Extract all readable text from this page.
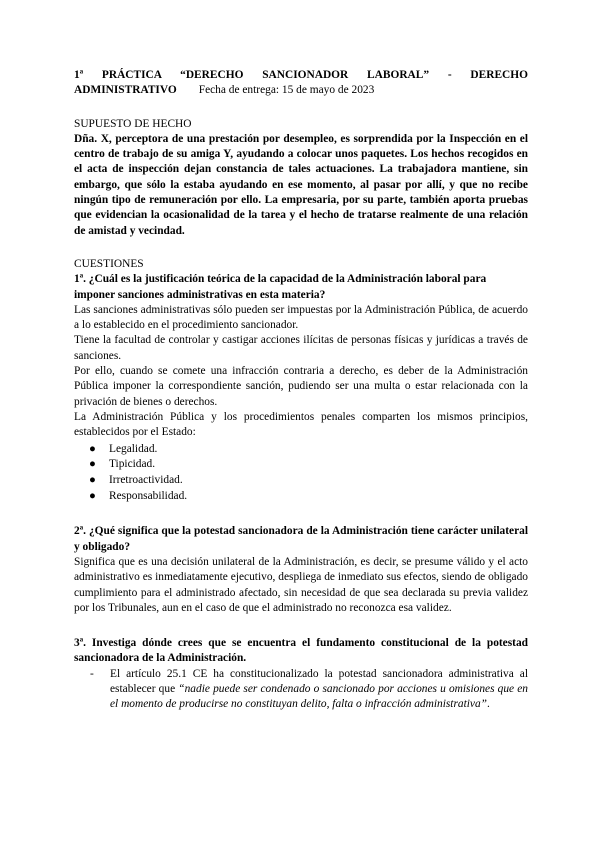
1ª PRÁCTICA “DERECHO SANCIONADOR LABORAL” - DERECHO ADMINISTRATIVO Fecha de entrega: 15 de mayo de 2023
SUPUESTO DE HECHO

Dña. X, perceptora de una prestación por desempleo, es sorprendida por la Inspección en el centro de trabajo de su amiga Y, ayudando a colocar unos paquetes. Los hechos recogidos en el acta de inspección dejan constancia de tales actuaciones. La trabajadora mantiene, sin embargo, que sólo la estaba ayudando en ese momento, al pasar por allí, y que no recibe ningún tipo de remuneración por ello. La empresaria, por su parte, también aporta pruebas que evidencian la ocasionalidad de la tarea y el hecho de tratarse realmente de una relación de amistad y vecindad.

CUESTIONES

1ª. ¿Cuál es la justificación teórica de la capacidad de la Administración laboral para imponer sanciones administrativas en esta materia?

Las sanciones administrativas sólo pueden ser impuestas por la Administración Pública, de acuerdo a lo establecido en el procedimiento sancionador.

Tiene la facultad de controlar y castigar acciones ilícitas de personas físicas y jurídicas a través de sanciones.

Por ello, cuando se comete una infracción contraria a derecho, es deber de la Administración Pública imponer la correspondiente sanción, pudiendo ser una multa o estar relacionada con la privación de bienes o derechos.

La Administración Pública y los procedimientos penales comparten los mismos principios, establecidos por el Estado:

● Legalidad.
● Tipicidad.
● Irretroactividad.
● Responsabilidad.

2ª. ¿Qué significa que la potestad sancionadora de la Administración tiene carácter unilateral y obligado?

Significa que es una decisión unilateral de la Administración, es decir, se presume válido y el acto administrativo es inmediatamente ejecutivo, despliega de inmediato sus efectos, siendo de obligado cumplimiento para el administrado afectado, sin necesidad de que sea declarada su previa validez por los Tribunales, aun en el caso de que el administrado no reconozca esa validez.

3ª. Investiga dónde crees que se encuentra el fundamento constitucional de la potestad sancionadora de la Administración.

- El artículo 25.1 CE ha constitucionalizado la potestad sancionadora administrativa al establecer que “nadie puede ser condenado o sancionado por acciones u omisiones que en el momento de producirse no constituyan delito, falta o infracción administrativa”.
